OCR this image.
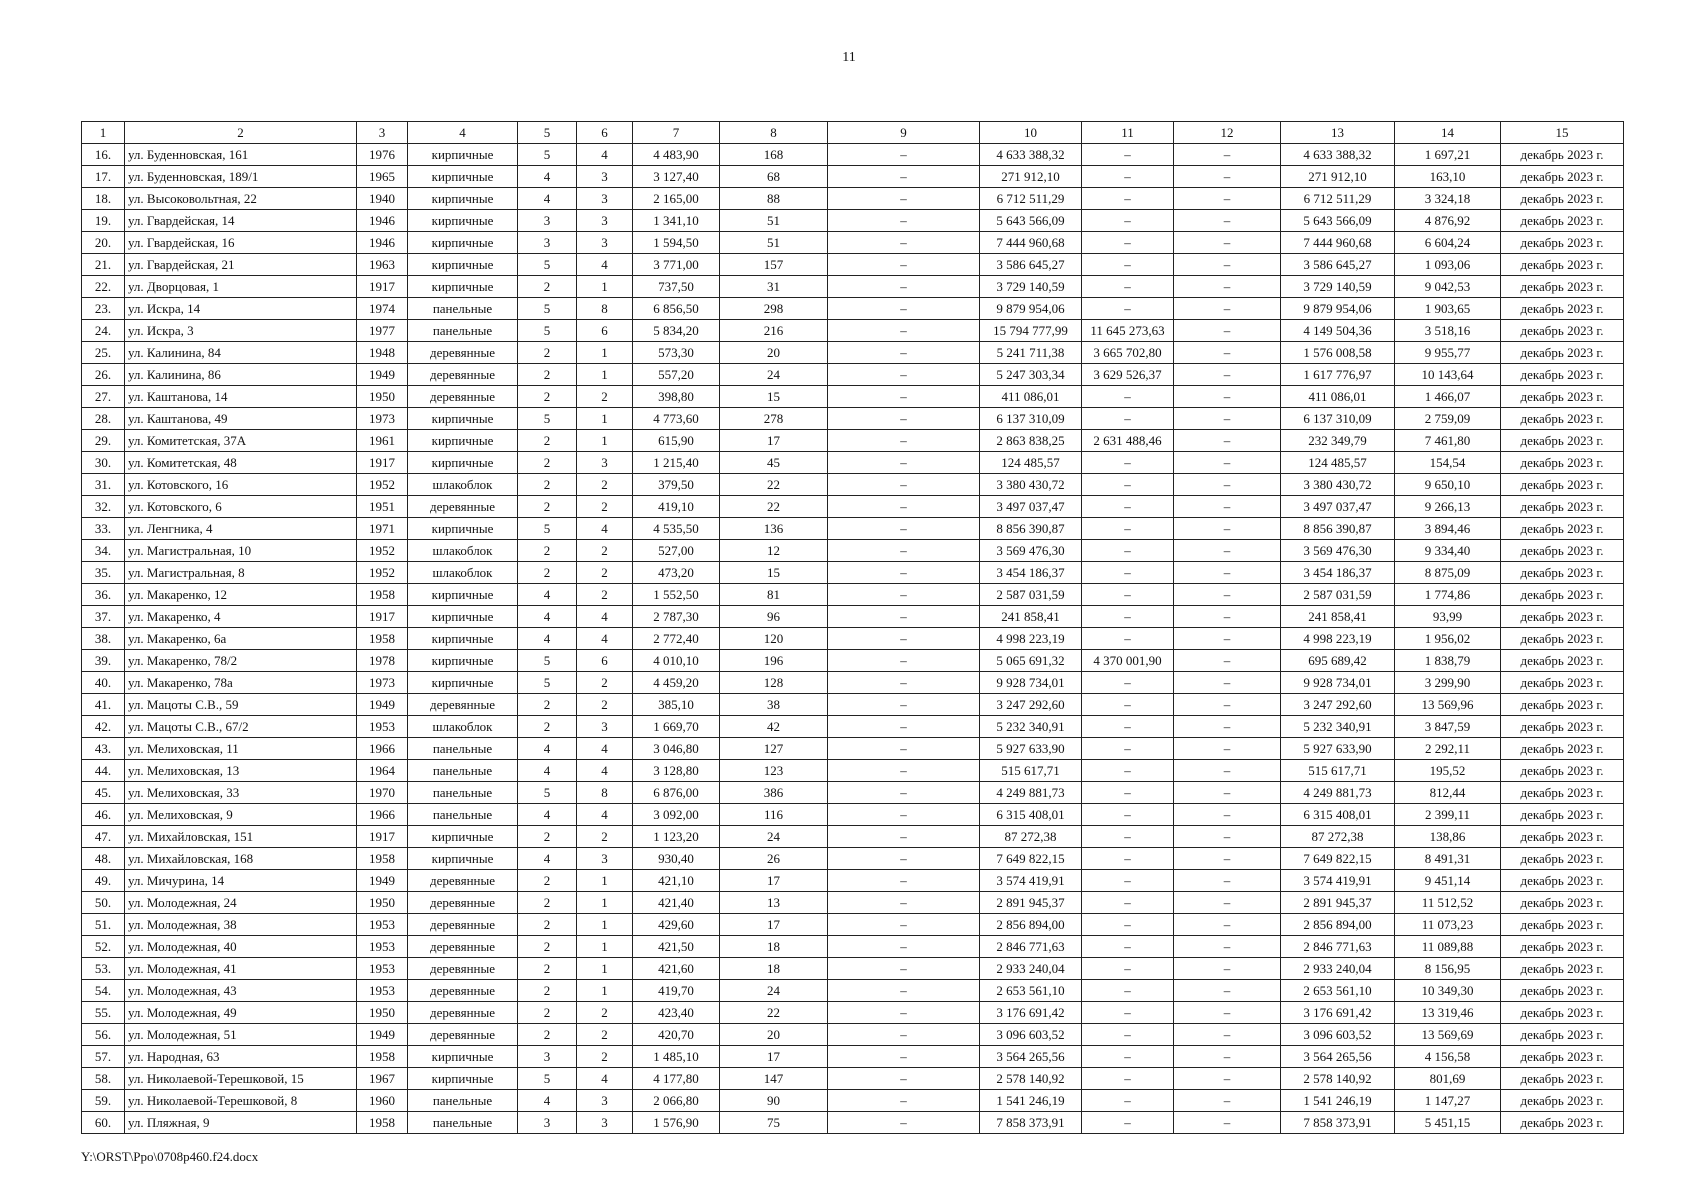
11
1	2	3	4	5	6	7	8	9	10	11	12	13	14	15
16.	ул. Буденновская, 161	1976	кирпичные	5	4	4 483,90	168	–	4 633 388,32	–	–	4 633 388,32	1 697,21	декабрь 2023 г.
17.	ул. Буденновская, 189/1	1965	кирпичные	4	3	3 127,40	68	–	271 912,10	–	–	271 912,10	163,10	декабрь 2023 г.
18.	ул. Высоковольтная, 22	1940	кирпичные	4	3	2 165,00	88	–	6 712 511,29	–	–	6 712 511,29	3 324,18	декабрь 2023 г.
19.	ул. Гвардейская, 14	1946	кирпичные	3	3	1 341,10	51	–	5 643 566,09	–	–	5 643 566,09	4 876,92	декабрь 2023 г.
20.	ул. Гвардейская, 16	1946	кирпичные	3	3	1 594,50	51	–	7 444 960,68	–	–	7 444 960,68	6 604,24	декабрь 2023 г.
21.	ул. Гвардейская, 21	1963	кирпичные	5	4	3 771,00	157	–	3 586 645,27	–	–	3 586 645,27	1 093,06	декабрь 2023 г.
22.	ул. Дворцовая, 1	1917	кирпичные	2	1	737,50	31	–	3 729 140,59	–	–	3 729 140,59	9 042,53	декабрь 2023 г.
23.	ул. Искра, 14	1974	панельные	5	8	6 856,50	298	–	9 879 954,06	–	–	9 879 954,06	1 903,65	декабрь 2023 г.
24.	ул. Искра, 3	1977	панельные	5	6	5 834,20	216	–	15 794 777,99	11 645 273,63	–	4 149 504,36	3 518,16	декабрь 2023 г.
25.	ул. Калинина, 84	1948	деревянные	2	1	573,30	20	–	5 241 711,38	3 665 702,80	–	1 576 008,58	9 955,77	декабрь 2023 г.
26.	ул. Калинина, 86	1949	деревянные	2	1	557,20	24	–	5 247 303,34	3 629 526,37	–	1 617 776,97	10 143,64	декабрь 2023 г.
27.	ул. Каштанова, 14	1950	деревянные	2	2	398,80	15	–	411 086,01	–	–	411 086,01	1 466,07	декабрь 2023 г.
28.	ул. Каштанова, 49	1973	кирпичные	5	1	4 773,60	278	–	6 137 310,09	–	–	6 137 310,09	2 759,09	декабрь 2023 г.
29.	ул. Комитетская, 37А	1961	кирпичные	2	1	615,90	17	–	2 863 838,25	2 631 488,46	–	232 349,79	7 461,80	декабрь 2023 г.
30.	ул. Комитетская, 48	1917	кирпичные	2	3	1 215,40	45	–	124 485,57	–	–	124 485,57	154,54	декабрь 2023 г.
31.	ул. Котовского, 16	1952	шлакоблок	2	2	379,50	22	–	3 380 430,72	–	–	3 380 430,72	9 650,10	декабрь 2023 г.
32.	ул. Котовского, 6	1951	деревянные	2	2	419,10	22	–	3 497 037,47	–	–	3 497 037,47	9 266,13	декабрь 2023 г.
33.	ул. Ленгника, 4	1971	кирпичные	5	4	4 535,50	136	–	8 856 390,87	–	–	8 856 390,87	3 894,46	декабрь 2023 г.
34.	ул. Магистральная, 10	1952	шлакоблок	2	2	527,00	12	–	3 569 476,30	–	–	3 569 476,30	9 334,40	декабрь 2023 г.
35.	ул. Магистральная, 8	1952	шлакоблок	2	2	473,20	15	–	3 454 186,37	–	–	3 454 186,37	8 875,09	декабрь 2023 г.
36.	ул. Макаренко, 12	1958	кирпичные	4	2	1 552,50	81	–	2 587 031,59	–	–	2 587 031,59	1 774,86	декабрь 2023 г.
37.	ул. Макаренко, 4	1917	кирпичные	4	4	2 787,30	96	–	241 858,41	–	–	241 858,41	93,99	декабрь 2023 г.
38.	ул. Макаренко, 6а	1958	кирпичные	4	4	2 772,40	120	–	4 998 223,19	–	–	4 998 223,19	1 956,02	декабрь 2023 г.
39.	ул. Макаренко, 78/2	1978	кирпичные	5	6	4 010,10	196	–	5 065 691,32	4 370 001,90	–	695 689,42	1 838,79	декабрь 2023 г.
40.	ул. Макаренко, 78а	1973	кирпичные	5	2	4 459,20	128	–	9 928 734,01	–	–	9 928 734,01	3 299,90	декабрь 2023 г.
41.	ул. Мацоты С.В., 59	1949	деревянные	2	2	385,10	38	–	3 247 292,60	–	–	3 247 292,60	13 569,96	декабрь 2023 г.
42.	ул. Мацоты С.В., 67/2	1953	шлакоблок	2	3	1 669,70	42	–	5 232 340,91	–	–	5 232 340,91	3 847,59	декабрь 2023 г.
43.	ул. Мелиховская, 11	1966	панельные	4	4	3 046,80	127	–	5 927 633,90	–	–	5 927 633,90	2 292,11	декабрь 2023 г.
44.	ул. Мелиховская, 13	1964	панельные	4	4	3 128,80	123	–	515 617,71	–	–	515 617,71	195,52	декабрь 2023 г.
45.	ул. Мелиховская, 33	1970	панельные	5	8	6 876,00	386	–	4 249 881,73	–	–	4 249 881,73	812,44	декабрь 2023 г.
46.	ул. Мелиховская, 9	1966	панельные	4	4	3 092,00	116	–	6 315 408,01	–	–	6 315 408,01	2 399,11	декабрь 2023 г.
47.	ул. Михайловская, 151	1917	кирпичные	2	2	1 123,20	24	–	87 272,38	–	–	87 272,38	138,86	декабрь 2023 г.
48.	ул. Михайловская, 168	1958	кирпичные	4	3	930,40	26	–	7 649 822,15	–	–	7 649 822,15	8 491,31	декабрь 2023 г.
49.	ул. Мичурина, 14	1949	деревянные	2	1	421,10	17	–	3 574 419,91	–	–	3 574 419,91	9 451,14	декабрь 2023 г.
50.	ул. Молодежная, 24	1950	деревянные	2	1	421,40	13	–	2 891 945,37	–	–	2 891 945,37	11 512,52	декабрь 2023 г.
51.	ул. Молодежная, 38	1953	деревянные	2	1	429,60	17	–	2 856 894,00	–	–	2 856 894,00	11 073,23	декабрь 2023 г.
52.	ул. Молодежная, 40	1953	деревянные	2	1	421,50	18	–	2 846 771,63	–	–	2 846 771,63	11 089,88	декабрь 2023 г.
53.	ул. Молодежная, 41	1953	деревянные	2	1	421,60	18	–	2 933 240,04	–	–	2 933 240,04	8 156,95	декабрь 2023 г.
54.	ул. Молодежная, 43	1953	деревянные	2	1	419,70	24	–	2 653 561,10	–	–	2 653 561,10	10 349,30	декабрь 2023 г.
55.	ул. Молодежная, 49	1950	деревянные	2	2	423,40	22	–	3 176 691,42	–	–	3 176 691,42	13 319,46	декабрь 2023 г.
56.	ул. Молодежная, 51	1949	деревянные	2	2	420,70	20	–	3 096 603,52	–	–	3 096 603,52	13 569,69	декабрь 2023 г.
57.	ул. Народная, 63	1958	кирпичные	3	2	1 485,10	17	–	3 564 265,56	–	–	3 564 265,56	4 156,58	декабрь 2023 г.
58.	ул. Николаевой-Терешковой, 15	1967	кирпичные	5	4	4 177,80	147	–	2 578 140,92	–	–	2 578 140,92	801,69	декабрь 2023 г.
59.	ул. Николаевой-Терешковой, 8	1960	панельные	4	3	2 066,80	90	–	1 541 246,19	–	–	1 541 246,19	1 147,27	декабрь 2023 г.
60.	ул. Пляжная, 9	1958	панельные	3	3	1 576,90	75	–	7 858 373,91	–	–	7 858 373,91	5 451,15	декабрь 2023 г.
Y:\ORST\Ppo\0708p460.f24.docx
